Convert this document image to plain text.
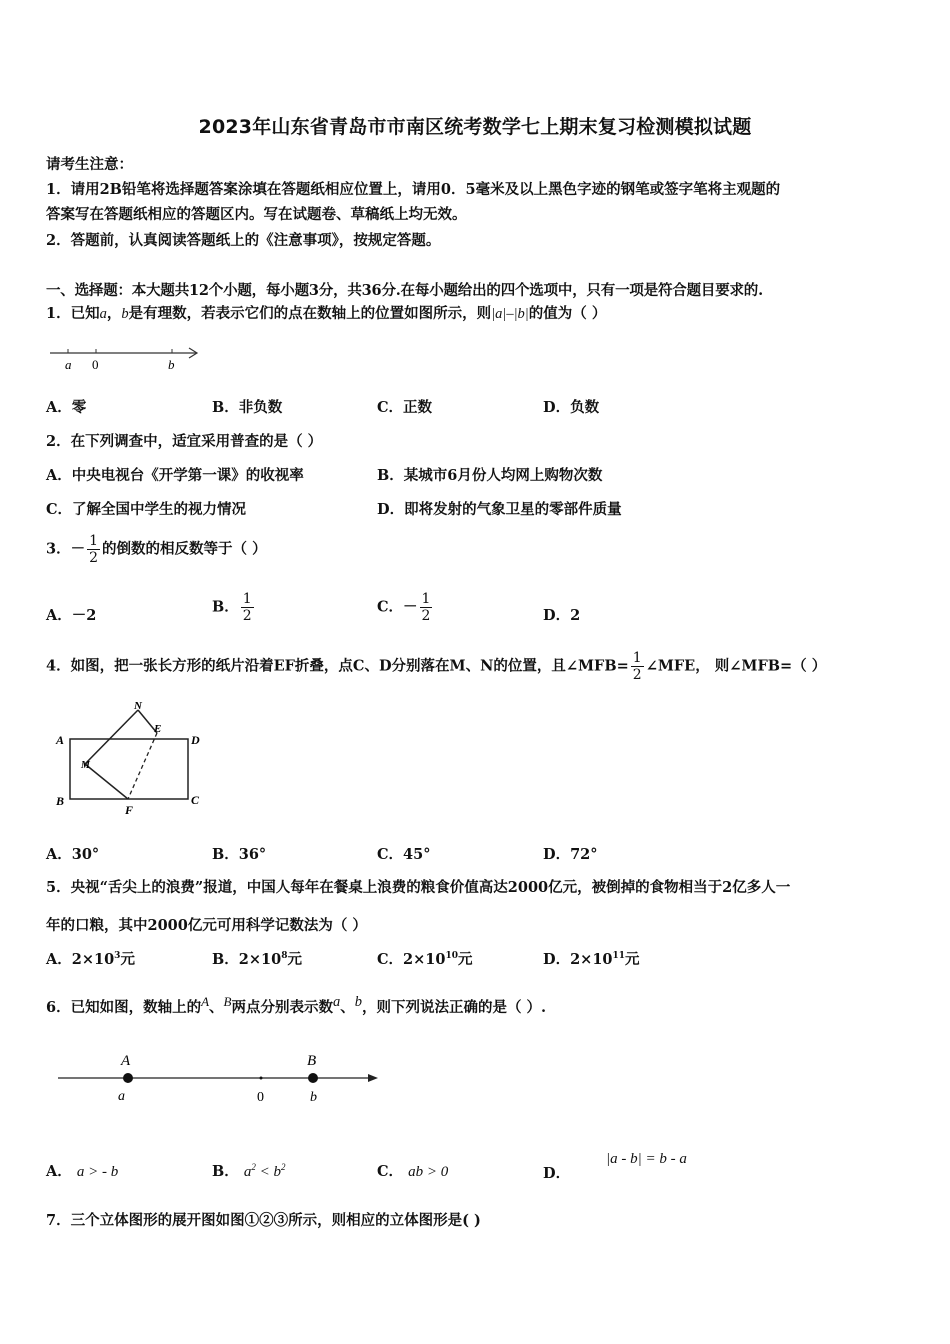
2023年山东省青岛市市南区统考数学七上期末复习检测模拟试题
请考生注意：
1．请用2B铅笔将选择题答案涂填在答题纸相应位置上，请用0．5毫米及以上黑色字迹的钢笔或签字笔将主观题的
答案写在答题纸相应的答题区内。写在试题卷、草稿纸上均无效。
2．答题前，认真阅读答题纸上的《注意事项》，按规定答题。
一、选择题：本大题共12个小题，每小题3分，共36分.在每小题给出的四个选项中，只有一项是符合题目要求的.
1．已知a，b是有理数，若表示它们的点在数轴上的位置如图所示，则|a|–|b|的值为（ ）
a 0	b
A．零	B．非负数	C．正数	D．负数
2．在下列调查中，适宜采用普查的是（ ）
A．中央电视台《开学第一课》的收视率	B．某城市6月份人均网上购物次数
C．了解全国中学生的视力情况	D．即将发射的气象卫星的零部件质量
3．－ $\frac{1}{2}$ 的倒数的相反数等于（ ）
A．－2	B． $\frac{1}{2}$	C．－ $\frac{1}{2}$	D．2
4．如图，把一张长方形的纸片沿着EF折叠，点C、D分别落在M、N的位置，且∠MFB= $\frac{1}{2}$ ∠MFE， 则∠MFB=（ ）
A	D
B	C
N
E
M
F
A．30°	B．36°	C．45°	D．72°
5．央视“舌尖上的浪费”报道，中国人每年在餐桌上浪费的粮食价值高达2000亿元，被倒掉的食物相当于2亿多人一
年的口粮，其中2000亿元可用科学记数法为（ ）
A．$2\times 10^3$元	B．$2\times 10^8$元	C．$2\times 10^{10}$元	D．$2\times 10^{11}$元
6．已知如图，数轴上的A、B两点分别表示数a、b，则下列说法正确的是（ ）.
A	B
a	0	b
A． a > - b	B． $a^2 < b^2$	C． ab > 0	D．
|a - b| = b - a
7．三个立体图形的展开图如图①②③所示，则相应的立体图形是( )
